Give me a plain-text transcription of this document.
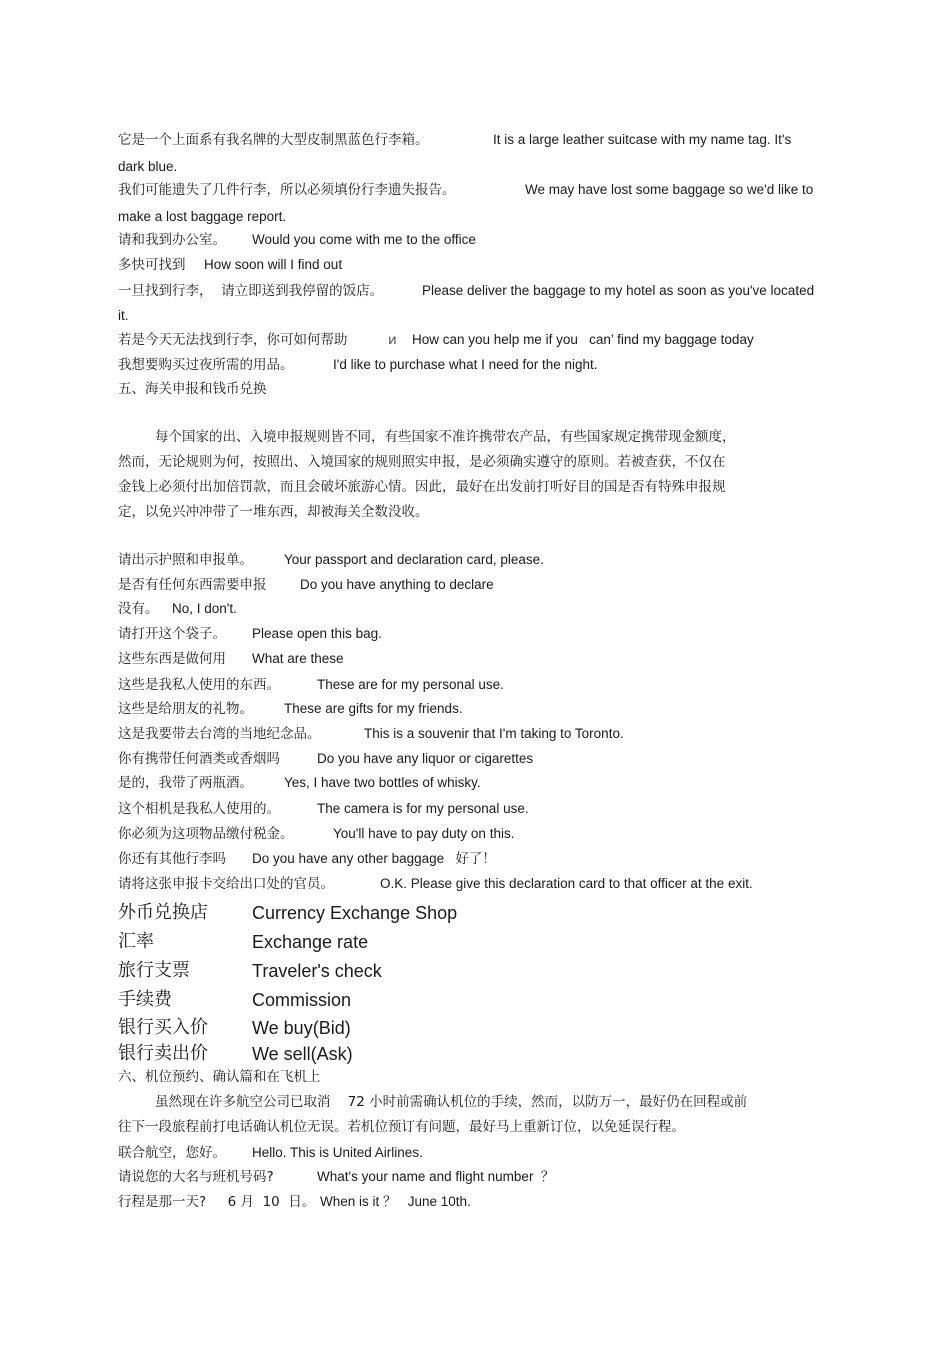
它是一个上面系有我名牌的大型皮制黑蓝色行李箱。	It is a large leather suitcase with my name tag. It's
dark blue.
我们可能遗失了几件行李，所以必须填份行李遗失报告。	We may have lost some baggage so we'd like to
make a lost baggage report.
请和我到办公室。 Would you come with me to the office
多快可找到 How soon will I find out
一旦找到行李，  请立即送到我停留的饭店。	Please deliver the baggage to my hotel as soon as you've located
it.
若是今天无法找到行李，你可如何帮助	и How can you help me if you   can’ find my baggage today
我想要购买过夜所需的用品。	I'd like to purchase what I need for the night.
五、海关申报和钱币兑换
每个国家的出、入境申报规则皆不同，有些国家不准许携带农产品，有些国家规定携带现金额度，
然而，无论规则为何，按照出、入境国家的规则照实申报，是必须确实遵守的原则。若被查获，不仅在
金钱上必须付出加倍罚款，而且会破坏旅游心情。因此，最好在出发前打听好目的国是否有特殊申报规
定，以免兴冲冲带了一堆东西，却被海关全数没收。
请出示护照和申报单。 Your passport and declaration card, please.
是否有任何东西需要申报 Do you have anything to declare
没有。 No, I don't.
请打开这个袋子。 Please open this bag.
这些东西是做何用 What are these
这些是我私人使用的东西。	These are for my personal use.
这些是给朋友的礼物。 These are gifts for my friends.
这是我要带去台湾的当地纪念品。	This is a souvenir that I'm taking to Toronto.
你有携带任何酒类或香烟吗	Do you have any liquor or cigarettes
是的，我带了两瓶酒。 Yes, I have two bottles of whisky.
这个相机是我私人使用的。	The camera is for my personal use.
你必须为这项物品缴付税金。	You'll have to pay duty on this.
你还有其他行李吗 Do you have any other baggage   好了！
请将这张申报卡交给出口处的官员。	O.K. Please give this declaration card to that officer at the exit.
外币兑换店 Currency Exchange Shop
汇率	Exchange rate
旅行支票	Traveler's check
手续费	Commission
银行买入价 We buy(Bid)
银行卖出价 We sell(Ask)
六、机位预约、确认篇和在飞机上
虽然现在许多航空公司已取消    72 小时前需确认机位的手续，然而，以防万一，最好仍在回程或前
往下一段旅程前打电话确认机位无误。若机位预订有问题，最好马上重新订位，以免延误行程。
联合航空，您好。 Hello. This is United Airlines.
请说您的大名与班机号码?	What's your name and flight number  ？
行程是那一天?     6 月  10  日。 When is it ？   June 10th.
